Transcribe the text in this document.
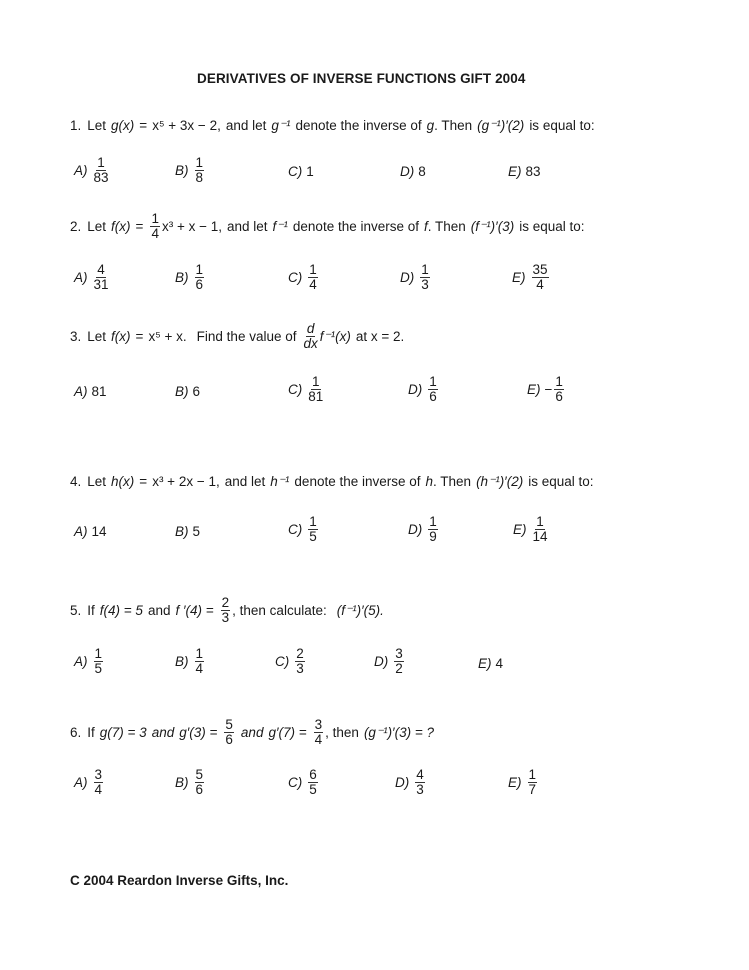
DERIVATIVES OF INVERSE FUNCTIONS GIFT 2004
1. Let g(x) = x⁵ + 3x − 2, and let g⁻¹ denote the inverse of g . Then (g⁻¹)′(2) is equal to:
$A) \frac{1}{83}$	$B) \frac{1}{8}$	C) 1	D) 8	E) 83
2. Let $f(x) = \frac{1}{4} x^3 + x - 1$, and let f⁻¹ denote the inverse of f . Then (f⁻¹)′(3) is equal to:
$A) \frac{4}{31}$	$B) \frac{1}{6}$	$C) \frac{1}{4}$	$D) \frac{1}{3}$	$E) \frac{35}{4}$
3. Let f(x) = x⁵ + x. Find the value of $\frac{d}{dx} f^{-1}(x)$ at x = 2.
A) 81	B) 6	$C) \frac{1}{81}$	$D) \frac{1}{6}$	$E) - \frac{1}{6}$
4. Let h(x) = x³ + 2x − 1, and let h⁻¹ denote the inverse of h . Then (h⁻¹)′(2) is equal to:
A) 14	B) 5	$C) \frac{1}{5}$	$D) \frac{1}{9}$	$E) \frac{1}{14}$
5. If f(4) = 5 and f $'(4) = \frac{2}{3}$ , then calculate: (f⁻¹)′(5).
$A) \frac{1}{5}$	$B) \frac{1}{4}$	$C) \frac{2}{3}$	$D) \frac{3}{2}$	E) 4
6. If g(7) = 3 and $g'(3) = \frac{5}{6}$ and $g'(7) = \frac{3}{4}$ , then (g⁻¹)′(3) = ?
$A) \frac{3}{4}$	$B) \frac{5}{6}$	$C) \frac{6}{5}$	$D) \frac{4}{3}$	$E) \frac{1}{7}$
C 2004 Reardon Inverse Gifts, Inc.
